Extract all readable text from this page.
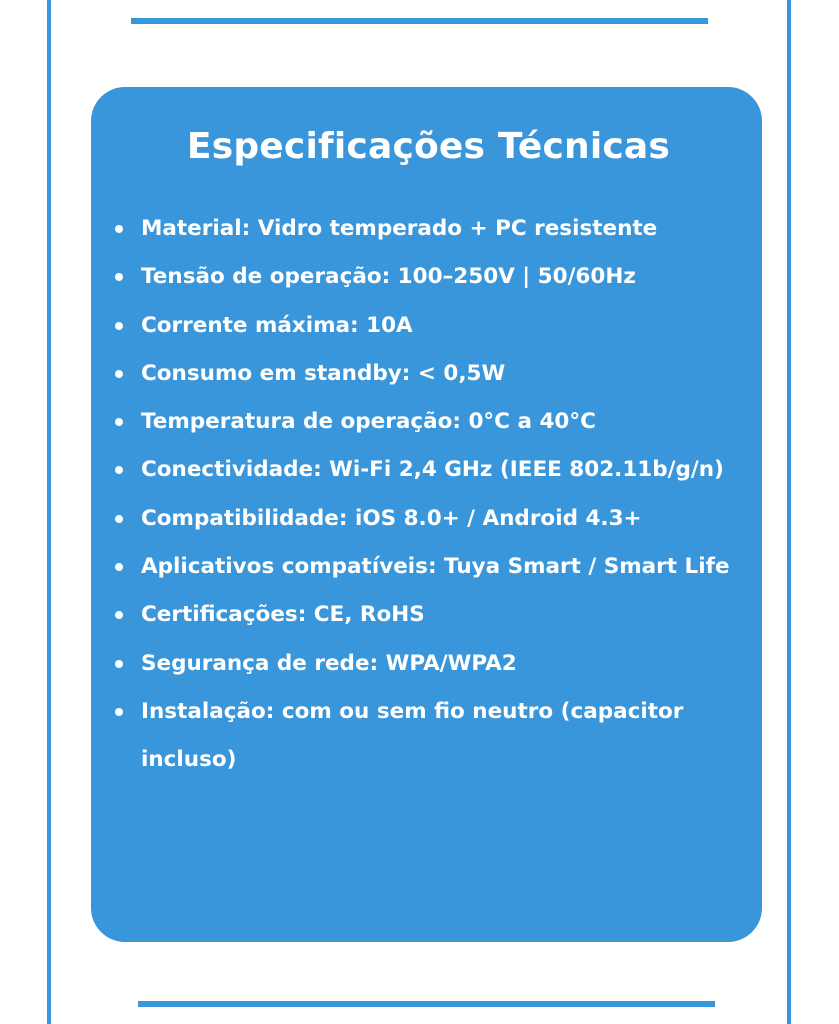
Especificações Técnicas
Material: Vidro temperado + PC resistente
Tensão de operação: 100–250V | 50/60Hz
Corrente máxima: 10A
Consumo em standby: < 0,5W
Temperatura de operação: 0°C a 40°C
Conectividade: Wi-Fi 2,4 GHz (IEEE 802.11b/g/n)
Compatibilidade: iOS 8.0+ / Android 4.3+
Aplicativos compatíveis: Tuya Smart / Smart Life
Certificações: CE, RoHS
Segurança de rede: WPA/WPA2
Instalação: com ou sem fio neutro (capacitor incluso)
